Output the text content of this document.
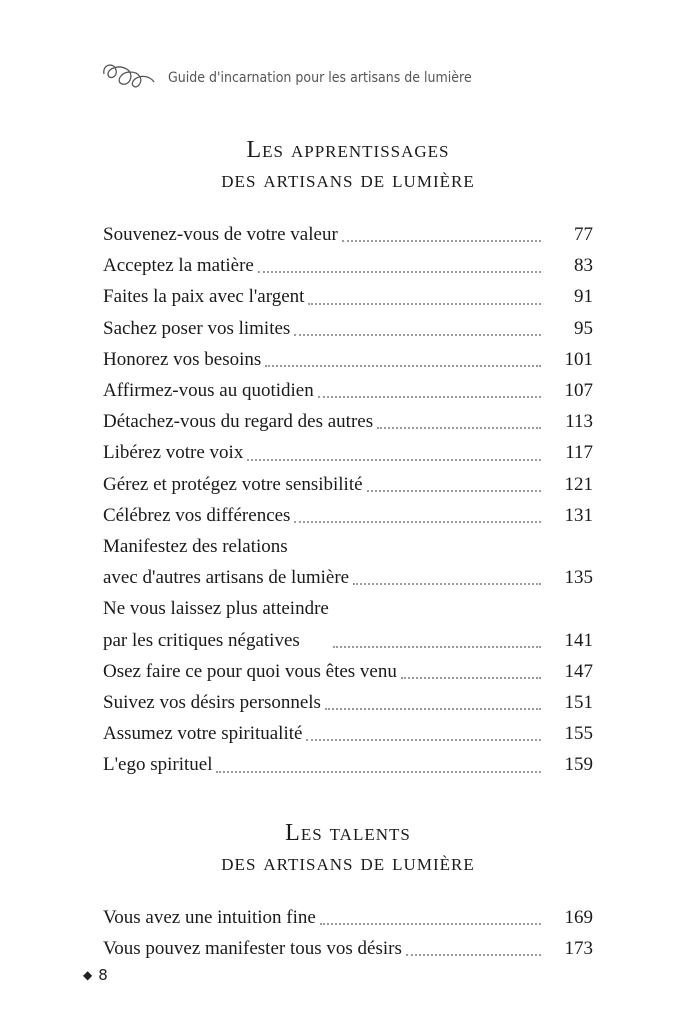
Guide d'incarnation pour les artisans de lumière
Les apprentissages
des artisans de lumière
Souvenez-vous de votre valeur	77
Acceptez la matière	83
Faites la paix avec l'argent	91
Sachez poser vos limites	95
Honorez vos besoins	101
Affirmez-vous au quotidien	107
Détachez-vous du regard des autres	113
Libérez votre voix	117
Gérez et protégez votre sensibilité	121
Célébrez vos différences	131
Manifestez des relations
avec d'autres artisans de lumière	135
Ne vous laissez plus atteindre
par les critiques négatives	141
Osez faire ce pour quoi vous êtes venu	147
Suivez vos désirs personnels	151
Assumez votre spiritualité	155
L'ego spirituel	159
Les talents
des artisans de lumière
Vous avez une intuition fine	169
Vous pouvez manifester tous vos désirs	173
◆ 8
